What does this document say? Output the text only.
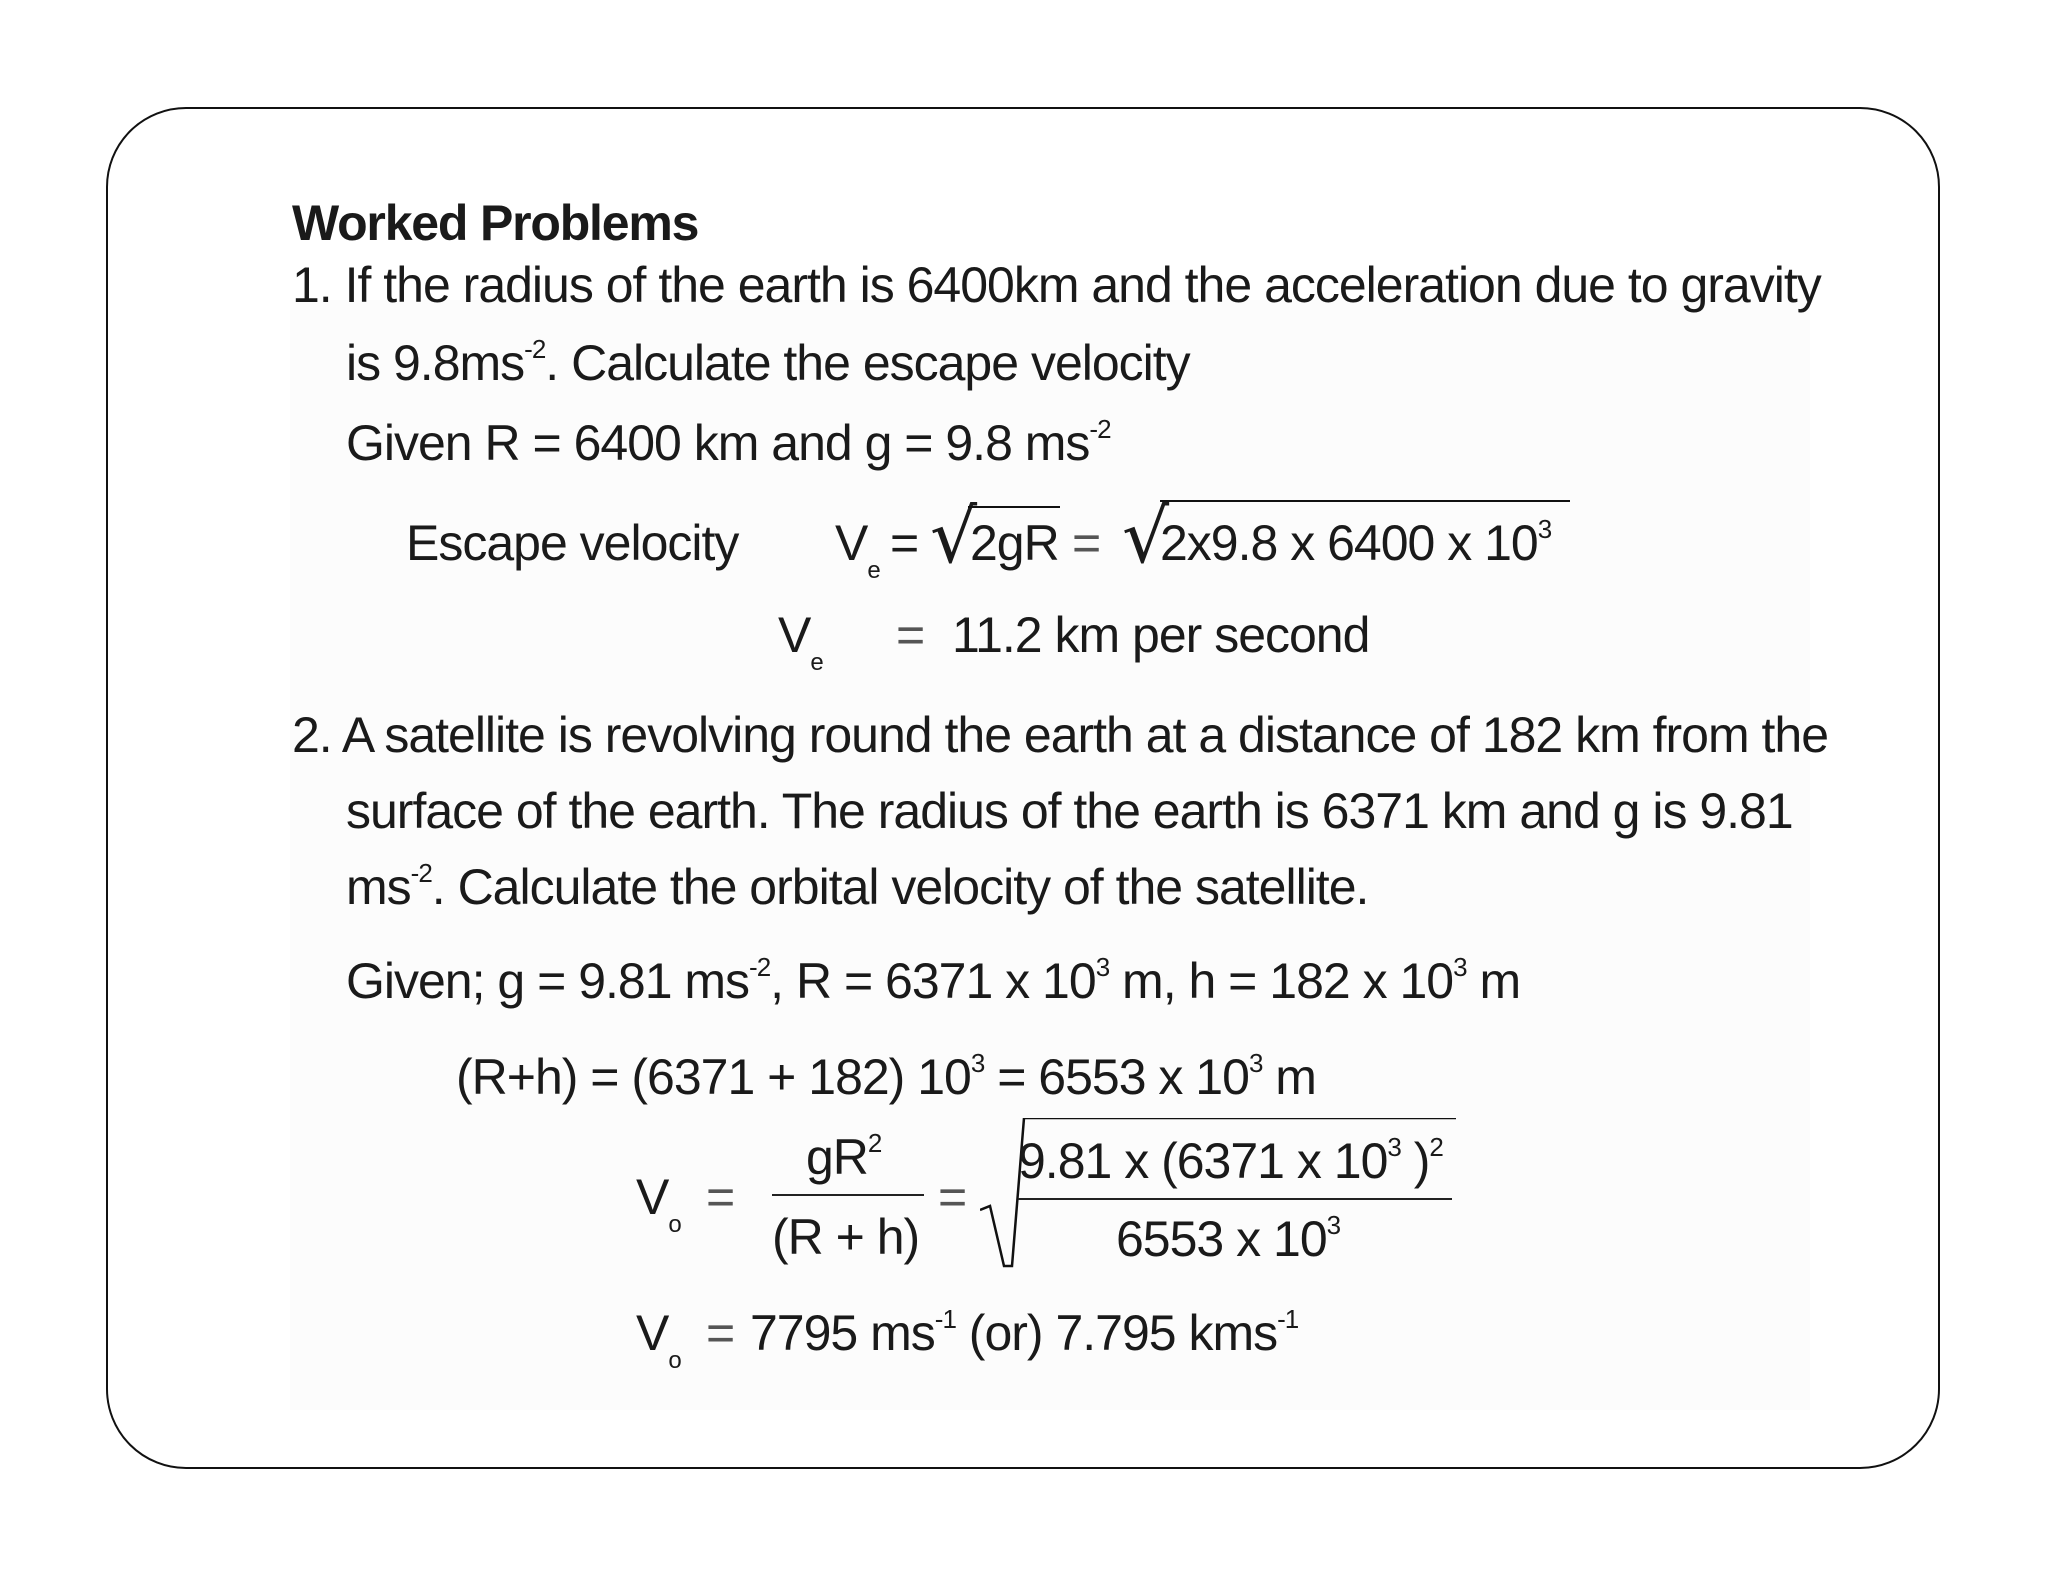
Worked Problems
1. If the radius of the earth is 6400km and the acceleration due to gravity
is $9.8ms^{-2}$. Calculate the escape velocity
Given R = 6400 km and g = 9.8 $ms^{-2}$
Escape velocity $V_e$ = √
2gR = √
2x9.8 x 6400 x $10^3$
$V_e = 11.2$ km per second
2. A satellite is revolving round the earth at a distance of 182 km from the
surface of the earth. The radius of the earth is 6371 km and g is 9.81
$ms^{-2}$. Calculate the orbital velocity of the satellite.
Given; g = 9.81 $ms^{-2}$, R = 6371 x $10^3$ m, h = 182 x $10^3$ m
(R+h) = (6371 + 182) $10^3 = 6553$ x $10^3$ m
$V_o$ =
$gR^2$
(R + h)
=
9.81 x (6371 x $10^3$ )$^2$
6553 x $10^3$
$V_o = 7795$ $ms^{-1}$ (or) 7.795 kms$^{-1}$
